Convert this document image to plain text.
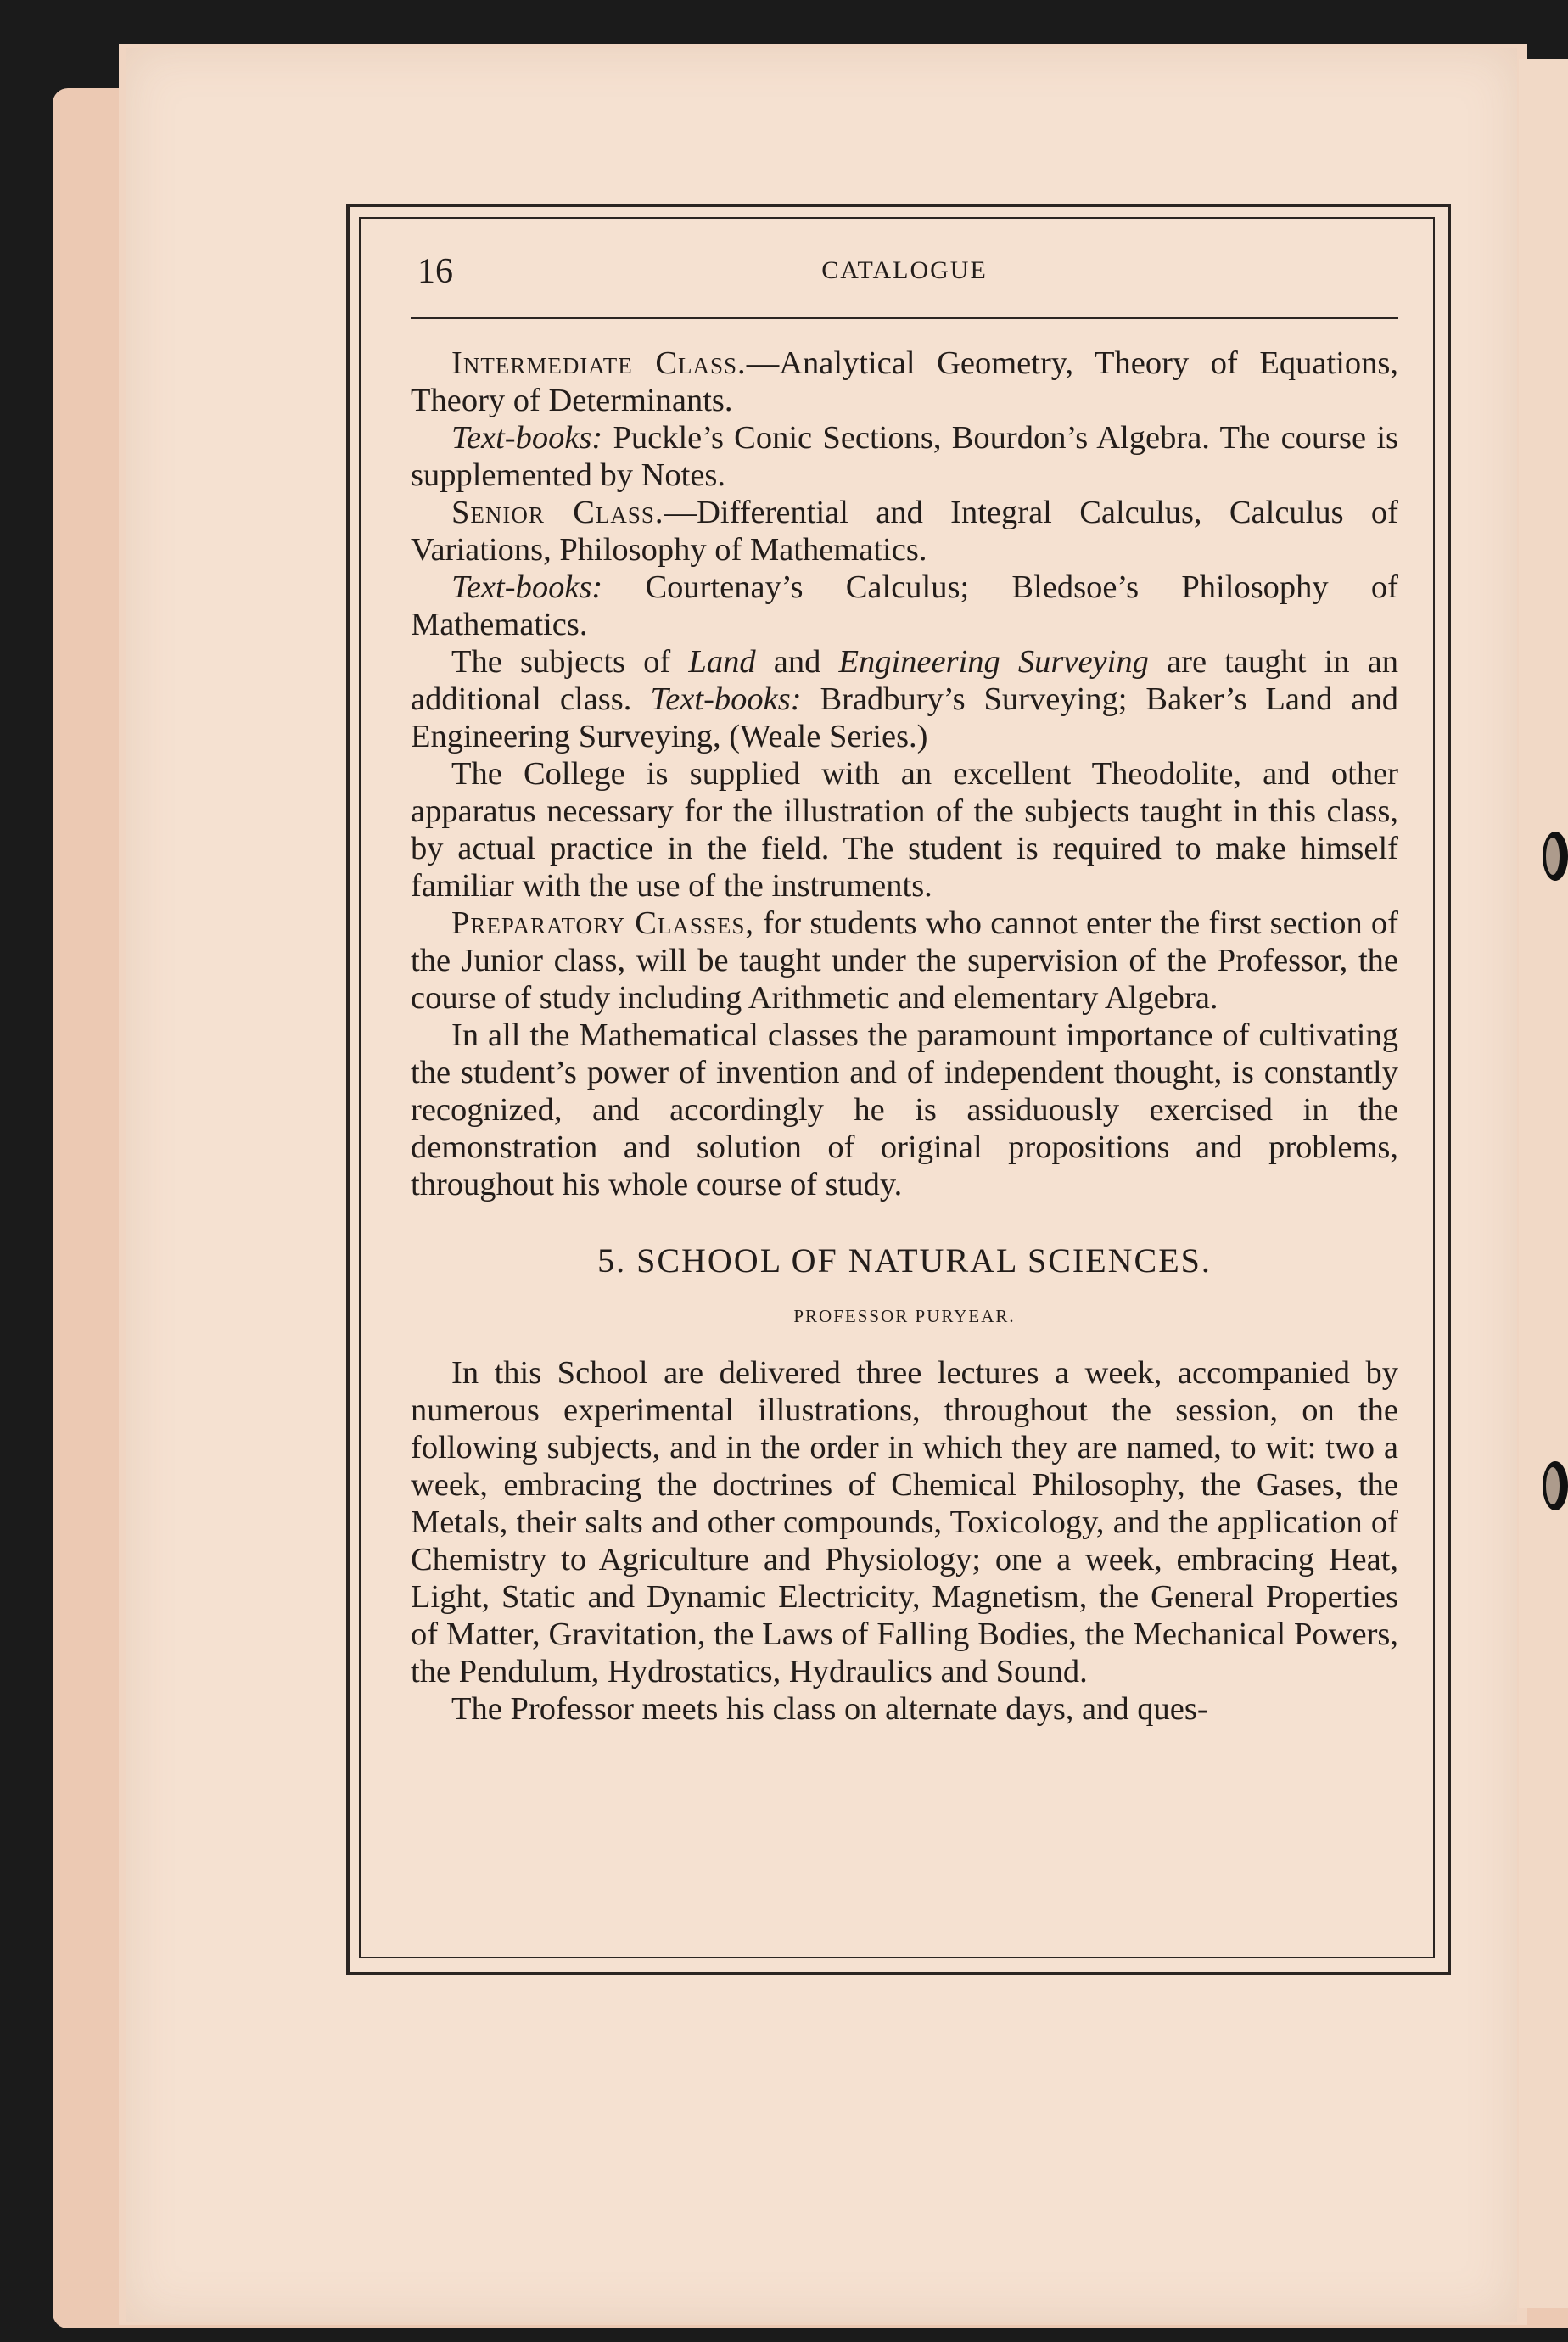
16	CATALOGUE

Intermediate Class.—Analytical Geometry, Theory of Equations, Theory of Determinants.

Text-books: Puckle’s Conic Sections, Bourdon’s Algebra. The course is supplemented by Notes.

Senior Class.—Differential and Integral Calculus, Calculus of Variations, Philosophy of Mathematics.

Text-books: Courtenay’s Calculus; Bledsoe’s Philosophy of Mathematics.

The subjects of Land and Engineering Surveying are taught in an additional class. Text-books: Bradbury’s Surveying; Baker’s Land and Engineering Surveying, (Weale Series.)

The College is supplied with an excellent Theodolite, and other apparatus necessary for the illustration of the subjects taught in this class, by actual practice in the field. The student is required to make himself familiar with the use of the instruments.

Preparatory Classes, for students who cannot enter the first section of the Junior class, will be taught under the supervision of the Professor, the course of study including Arithmetic and elementary Algebra.

In all the Mathematical classes the paramount importance of cultivating the student’s power of invention and of independent thought, is constantly recognized, and accordingly he is assiduously exercised in the demonstration and solution of original propositions and problems, throughout his whole course of study.

5. SCHOOL OF NATURAL SCIENCES.
PROFESSOR PURYEAR.

In this School are delivered three lectures a week, accompanied by numerous experimental illustrations, throughout the session, on the following subjects, and in the order in which they are named, to wit: two a week, embracing the doctrines of Chemical Philosophy, the Gases, the Metals, their salts and other compounds, Toxicology, and the application of Chemistry to Agriculture and Physiology; one a week, embracing Heat, Light, Static and Dynamic Electricity, Magnetism, the General Properties of Matter, Gravitation, the Laws of Falling Bodies, the Mechanical Powers, the Pendulum, Hydrostatics, Hydraulics and Sound.

The Professor meets his class on alternate days, and ques-
